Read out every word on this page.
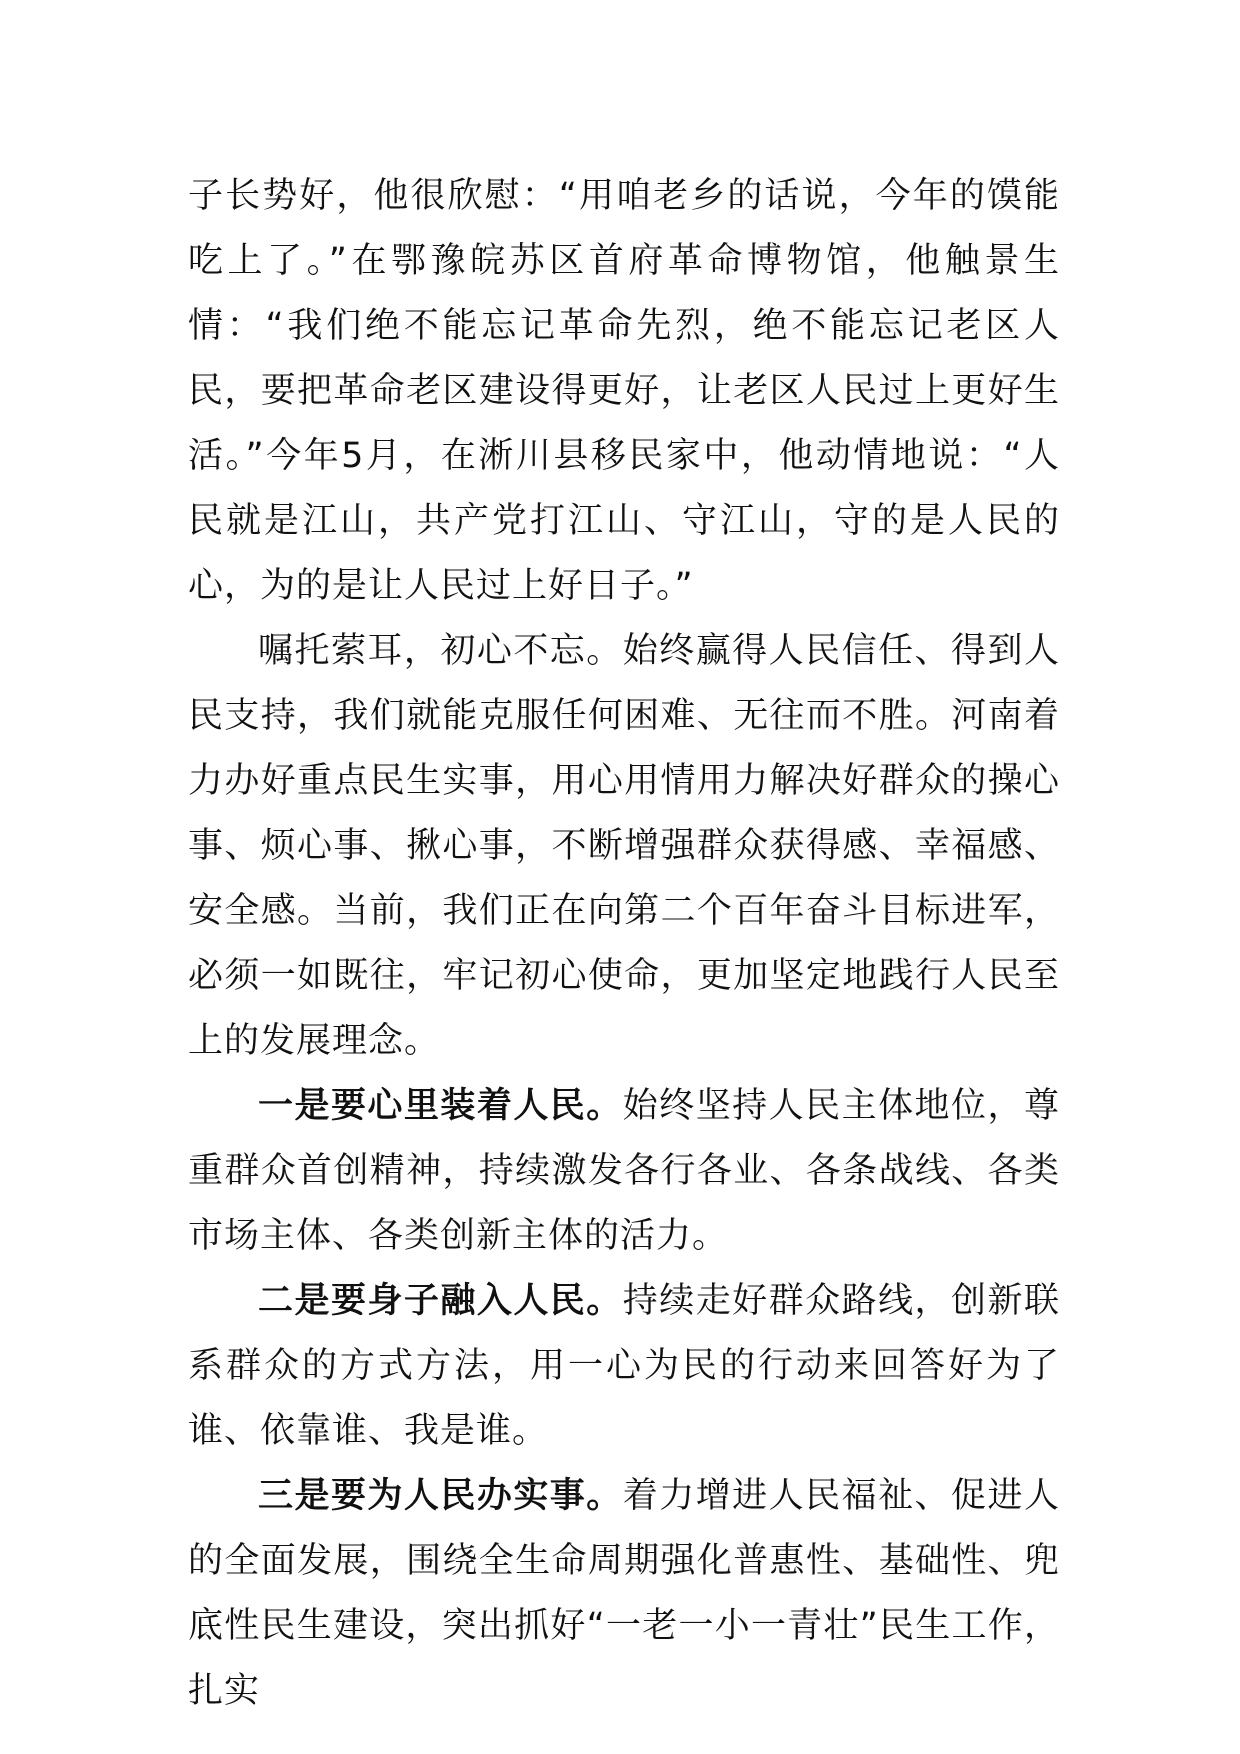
子长势好，他很欣慰：“用咱老乡的话说，今年的馍能吃上了。”在鄂豫皖苏区首府革命博物馆，他触景生情：“我们绝不能忘记革命先烈，绝不能忘记老区人民，要把革命老区建设得更好，让老区人民过上更好生活。”今年5月，在淅川县移民家中，他动情地说：“人民就是江山，共产党打江山、守江山，守的是人民的心，为的是让人民过上好日子。”

嘱托萦耳，初心不忘。始终赢得人民信任、得到人民支持，我们就能克服任何困难、无往而不胜。河南着力办好重点民生实事，用心用情用力解决好群众的操心事、烦心事、揪心事，不断增强群众获得感、幸福感、安全感。当前，我们正在向第二个百年奋斗目标进军，必须一如既往，牢记初心使命，更加坚定地践行人民至上的发展理念。

一是要心里装着人民。始终坚持人民主体地位，尊重群众首创精神，持续激发各行各业、各条战线、各类市场主体、各类创新主体的活力。

二是要身子融入人民。持续走好群众路线，创新联系群众的方式方法，用一心为民的行动来回答好为了谁、依靠谁、我是谁。

三是要为人民办实事。着力增进人民福祉、促进人的全面发展，围绕全生命周期强化普惠性、基础性、兜底性民生建设，突出抓好“一老一小一青壮”民生工作，扎实
